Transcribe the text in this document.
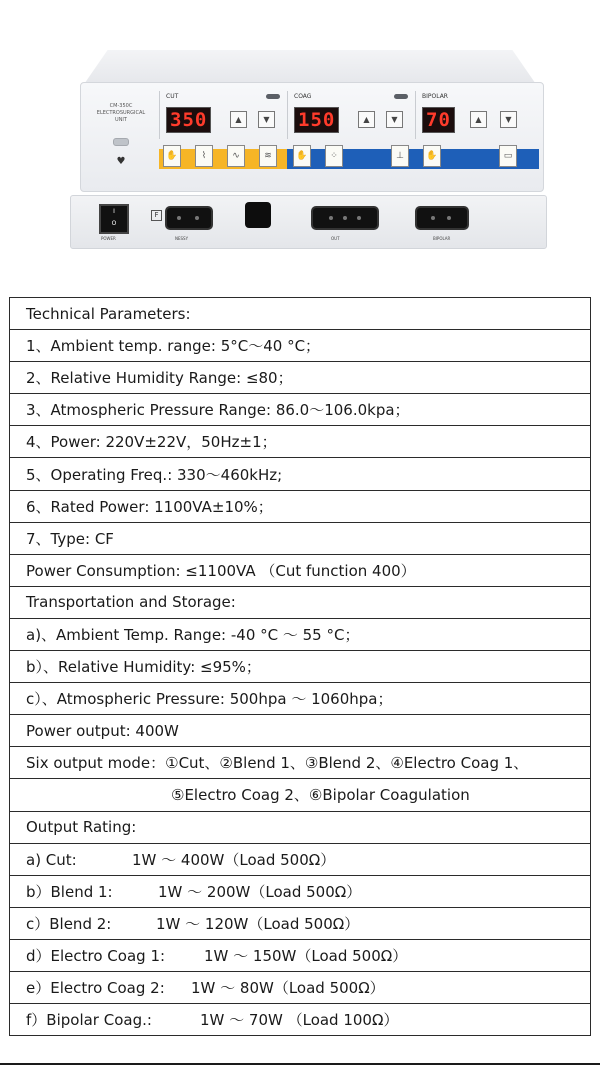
CM-350C
ELECTROSURGICAL
UNIT
♥
CUT
350	▲	▼
COAG
150	▲	▼
BIPOLAR
70	▲	▼
✋	⌇	∿	≋	✋	⁘	⊥	✋	▭
I
O
POWER
F
NESSY	OUT	BIPOLAR
Technical Parameters:
1、Ambient temp. range: 5°C～40 °C；
2、Relative Humidity Range: ≤80；
3、Atmospheric Pressure Range: 86.0～106.0kpa；
4、Power: 220V±22V，50Hz±1；
5、Operating Freq.: 330～460kHz;
6、Rated Power: 1100VA±10%；
7、Type: CF
Power Consumption: ≤1100VA （Cut function 400）
Transportation and Storage:
a)、Ambient Temp. Range: -40 °C ～ 55 °C；
b）、Relative Humidity: ≤95%；
c）、Atmospheric Pressure: 500hpa ～ 1060hpa；
Power output: 400W
Six output mode：①Cut、②Blend 1、③Blend 2、④Electro Coag 1、
⑤Electro Coag 2、⑥Bipolar Coagulation
Output Rating:
a) Cut:	1W ～ 400W（Load 500Ω）
b）Blend 1:	1W ～ 200W（Load 500Ω）
c）Blend 2:	1W ～ 120W（Load 500Ω）
d）Electro Coag 1:	1W ～ 150W（Load 500Ω）
e）Electro Coag 2: 1W ～ 80W（Load 500Ω）
f）Bipolar Coag.:	1W ～ 70W （Load 100Ω）
